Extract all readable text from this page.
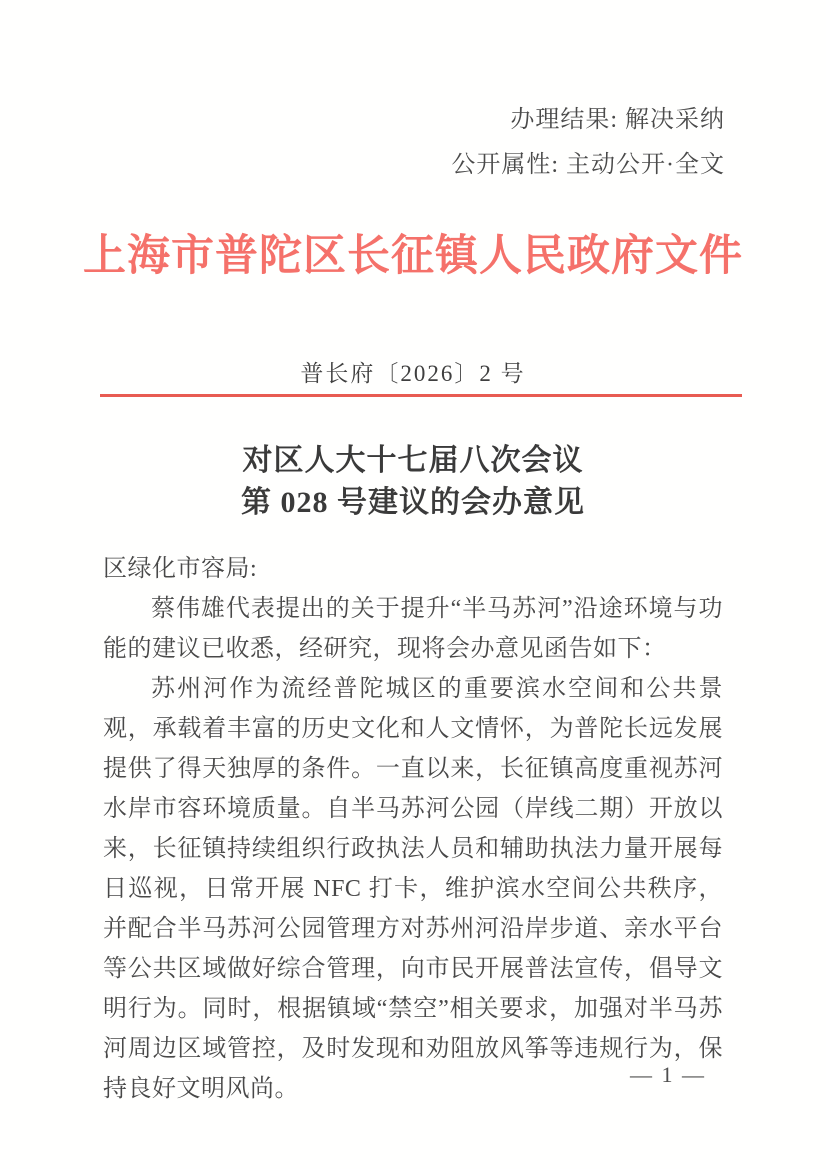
办理结果: 解决采纳
公开属性: 主动公开·全文
上海市普陀区长征镇人民政府文件
普长府〔2026〕2 号
对区人大十七届八次会议
第 028 号建议的会办意见

区绿化市容局:

蔡伟雄代表提出的关于提升“半马苏河”沿途环境与功能的建议已收悉，经研究，现将会办意见函告如下：

苏州河作为流经普陀城区的重要滨水空间和公共景观，承载着丰富的历史文化和人文情怀，为普陀长远发展提供了得天独厚的条件。一直以来，长征镇高度重视苏河水岸市容环境质量。自半马苏河公园（岸线二期）开放以来，长征镇持续组织行政执法人员和辅助执法力量开展每日巡视，日常开展 NFC 打卡，维护滨水空间公共秩序，并配合半马苏河公园管理方对苏州河沿岸步道、亲水平台等公共区域做好综合管理，向市民开展普法宣传，倡导文明行为。同时，根据镇域“禁空”相关要求，加强对半马苏河周边区域管控，及时发现和劝阻放风筝等违规行为，保持良好文明风尚。

— 1 —
